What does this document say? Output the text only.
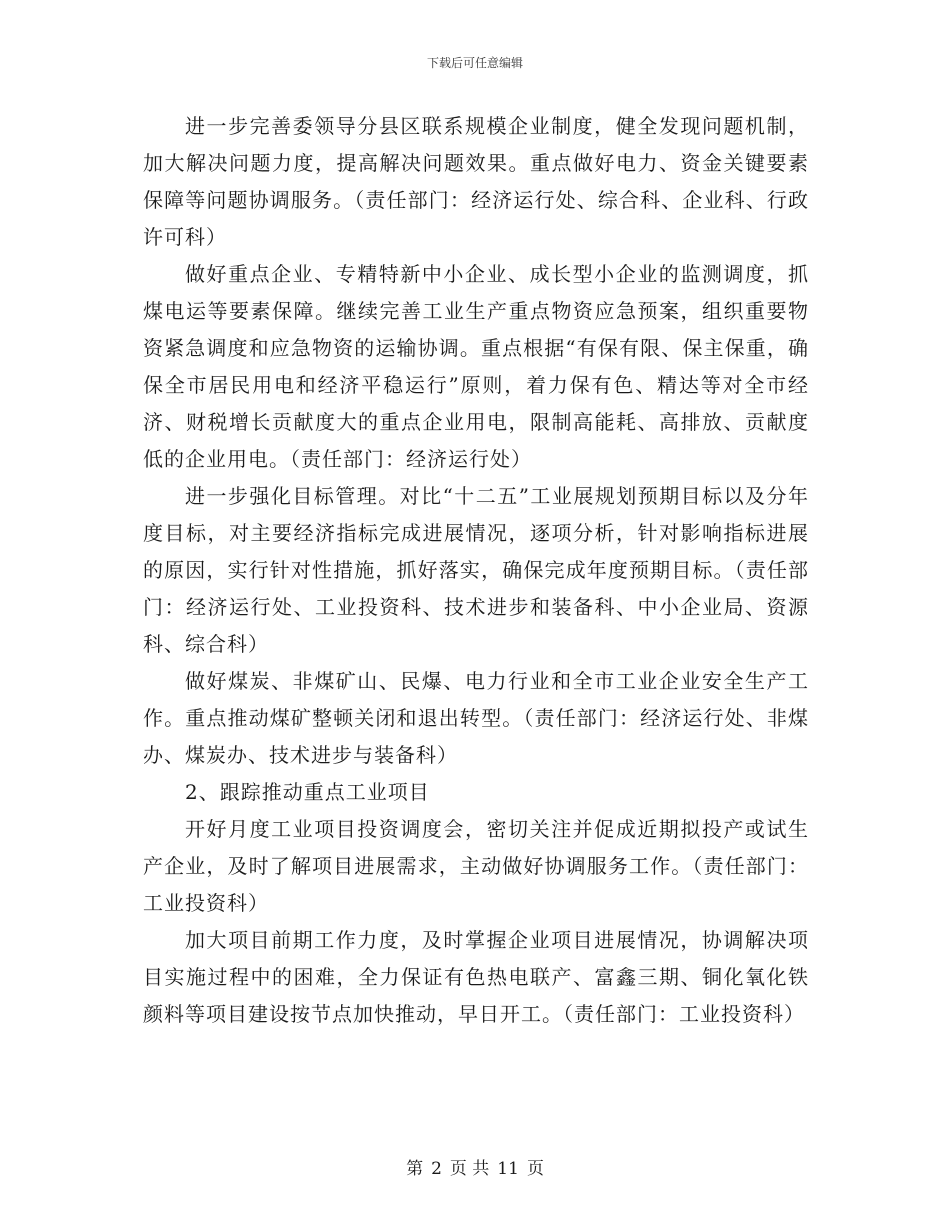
下载后可任意编辑

进一步完善委领导分县区联系规模企业制度，健全发现问题机制，加大解决问题力度，提高解决问题效果。重点做好电力、资金关键要素保障等问题协调服务。（责任部门：经济运行处、综合科、企业科、行政许可科）

做好重点企业、专精特新中小企业、成长型小企业的监测调度，抓煤电运等要素保障。继续完善工业生产重点物资应急预案，组织重要物资紧急调度和应急物资的运输协调。重点根据“有保有限、保主保重，确保全市居民用电和经济平稳运行”原则，着力保有色、精达等对全市经济、财税增长贡献度大的重点企业用电，限制高能耗、高排放、贡献度低的企业用电。（责任部门：经济运行处）

进一步强化目标管理。对比“十二五”工业展规划预期目标以及分年度目标，对主要经济指标完成进展情况，逐项分析，针对影响指标进展的原因，实行针对性措施，抓好落实，确保完成年度预期目标。（责任部门：经济运行处、工业投资科、技术进步和装备科、中小企业局、资源科、综合科）

做好煤炭、非煤矿山、民爆、电力行业和全市工业企业安全生产工作。重点推动煤矿整顿关闭和退出转型。（责任部门：经济运行处、非煤办、煤炭办、技术进步与装备科）

2、跟踪推动重点工业项目

开好月度工业项目投资调度会，密切关注并促成近期拟投产或试生产企业，及时了解项目进展需求，主动做好协调服务工作。（责任部门：工业投资科）

加大项目前期工作力度，及时掌握企业项目进展情况，协调解决项目实施过程中的困难，全力保证有色热电联产、富鑫三期、铜化氧化铁颜料等项目建设按节点加快推动，早日开工。（责任部门：工业投资科）

第 2 页 共 11 页
